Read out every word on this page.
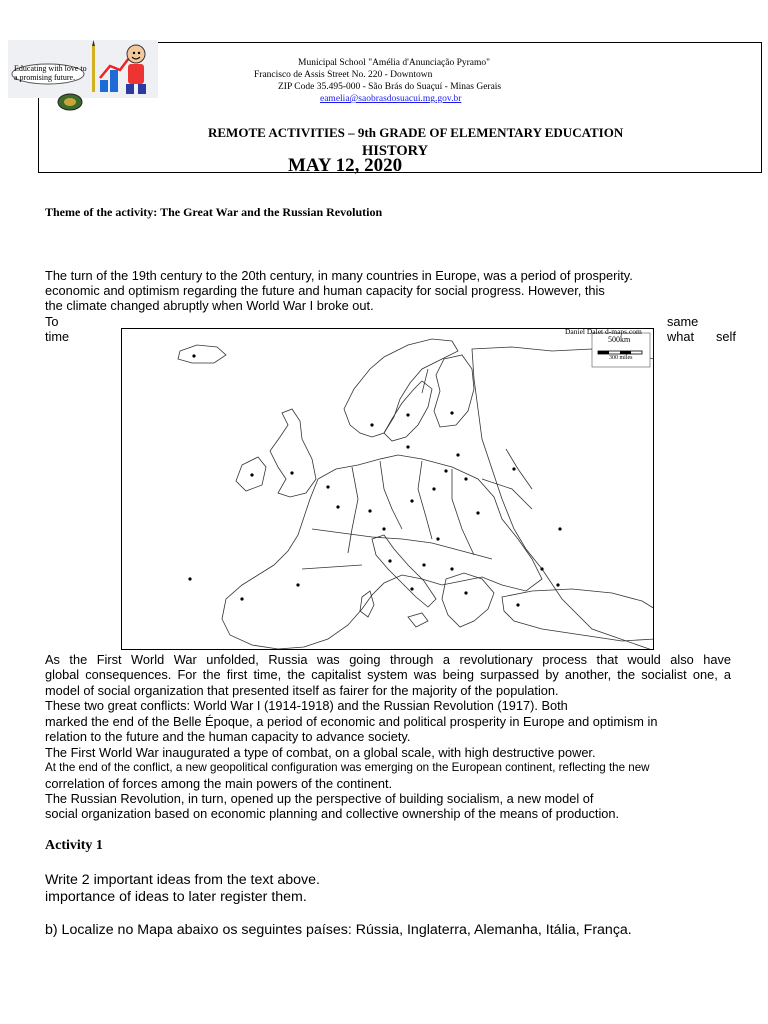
Educating with love to a promising future.
Municipal School "Amélia d'Anunciação Pyramo"
Francisco de Assis Street No. 220 - Downtown
ZIP Code 35.495-000 - São Brás do Suaçuí - Minas Gerais
eamelia@saobrasdosuacui.mg.gov.br
REMOTE ACTIVITIES – 9th GRADE OF ELEMENTARY EDUCATION
HISTORY
MAY 12, 2020
Theme of the activity: The Great War and the Russian Revolution
The turn of the 19th century to the 20th century, in many countries in Europe, was a period of prosperity.
economic and optimism regarding the future and human capacity for social progress. However, this
the climate changed abruptly when World War I broke out.
To
time
same
what self
Daniel Dalet d-maps.com
500km
300 miles
As the First World War unfolded, Russia was going through a revolutionary process that would also have
global consequences. For the first time, the capitalist system was being surpassed by another, the socialist one, a
model of social organization that presented itself as fairer for the majority of the population.
These two great conflicts: World War I (1914-1918) and the Russian Revolution (1917). Both
marked the end of the Belle Époque, a period of economic and political prosperity in Europe and optimism in
relation to the future and the human capacity to advance society.
The First World War inaugurated a type of combat, on a global scale, with high destructive power.
At the end of the conflict, a new geopolitical configuration was emerging on the European continent, reflecting the new
correlation of forces among the main powers of the continent.
The Russian Revolution, in turn, opened up the perspective of building socialism, a new model of
social organization based on economic planning and collective ownership of the means of production.
Activity 1
Write 2 important ideas from the text above.
importance of ideas to later register them.
b) Localize no Mapa abaixo os seguintes países: Rússia, Inglaterra, Alemanha, Itália, França.
